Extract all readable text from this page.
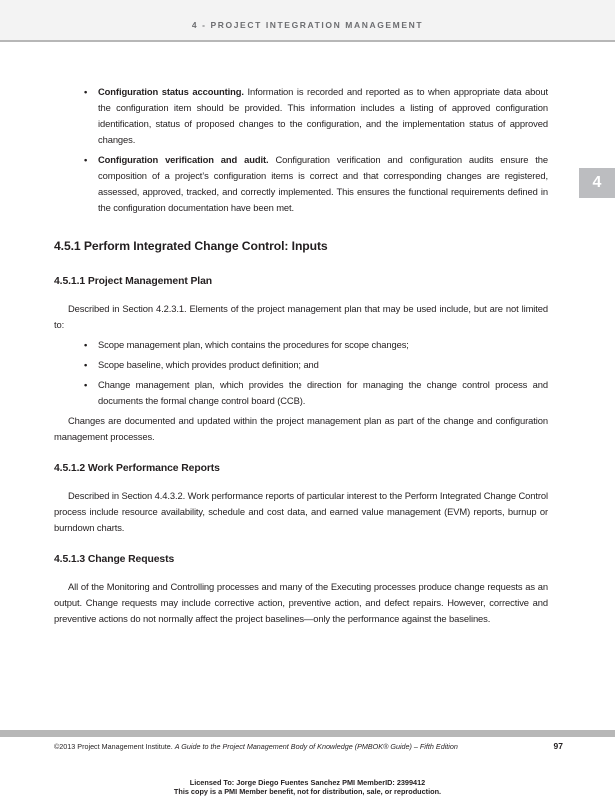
4 - PROJECT INTEGRATION MANAGEMENT
4
• Configuration status accounting. Information is recorded and reported as to when appropriate data about the configuration item should be provided. This information includes a listing of approved configuration identification, status of proposed changes to the configuration, and the implementation status of approved changes.
• Configuration verification and audit. Configuration verification and configuration audits ensure the composition of a project’s configuration items is correct and that corresponding changes are registered, assessed, approved, tracked, and correctly implemented. This ensures the functional requirements defined in the configuration documentation have been met.
4.5.1 Perform Integrated Change Control: Inputs
4.5.1.1 Project Management Plan

Described in Section 4.2.3.1. Elements of the project management plan that may be used include, but are not limited to:

• Scope management plan, which contains the procedures for scope changes;
• Scope baseline, which provides product definition; and
• Change management plan, which provides the direction for managing the change control process and documents the formal change control board (CCB).

Changes are documented and updated within the project management plan as part of the change and configuration management processes.

4.5.1.2 Work Performance Reports

Described in Section 4.4.3.2. Work performance reports of particular interest to the Perform Integrated Change Control process include resource availability, schedule and cost data, and earned value management (EVM) reports, burnup or burndown charts.

4.5.1.3 Change Requests

All of the Monitoring and Controlling processes and many of the Executing processes produce change requests as an output. Change requests may include corrective action, preventive action, and defect repairs. However, corrective and preventive actions do not normally affect the project baselines—only the performance against the baselines.

©2013 Project Management Institute. A Guide to the Project Management Body of Knowledge (PMBOK® Guide) – Fifth Edition	97
Licensed To: Jorge Diego Fuentes Sanchez PMI MemberID: 2399412
This copy is a PMI Member benefit, not for distribution, sale, or reproduction.
